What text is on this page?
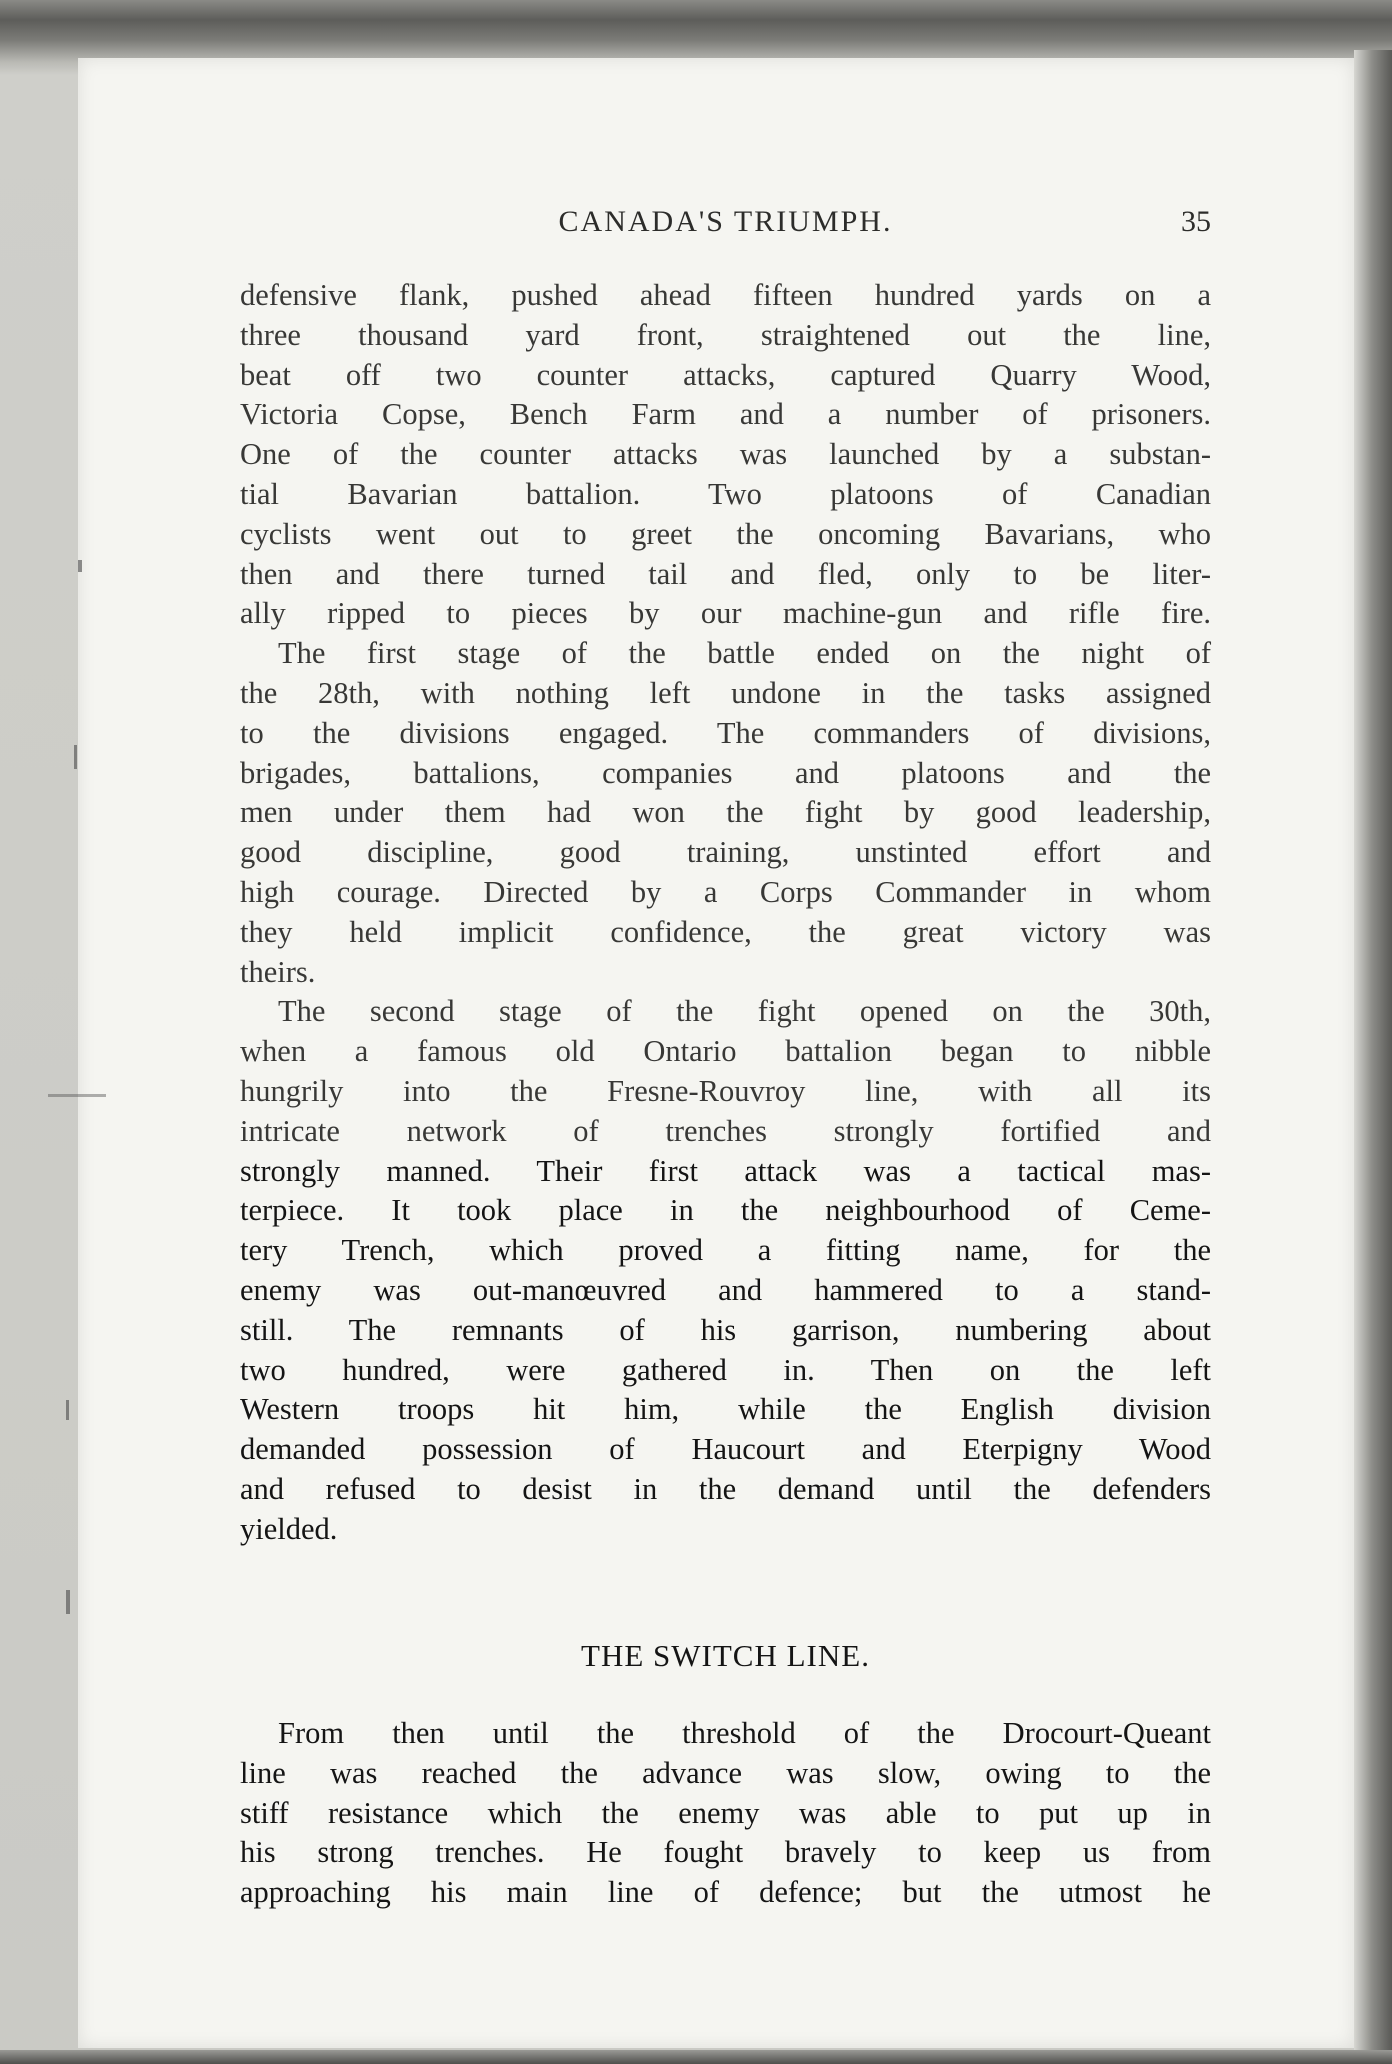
CANADA'S TRIUMPH.	35
defensive flank, pushed ahead fifteen hundred yards on a
three thousand yard front, straightened out the line,
beat off two counter attacks, captured Quarry Wood,
Victoria Copse, Bench Farm and a number of prisoners.
One of the counter attacks was launched by a substan-
tial Bavarian battalion. Two platoons of Canadian
cyclists went out to greet the oncoming Bavarians, who
then and there turned tail and fled, only to be liter-
ally ripped to pieces by our machine-gun and rifle fire.
The first stage of the battle ended on the night of
the 28th, with nothing left undone in the tasks assigned
to the divisions engaged. The commanders of divisions,
brigades, battalions, companies and platoons and the
men under them had won the fight by good leadership,
good discipline, good training, unstinted effort and
high courage. Directed by a Corps Commander in whom
they held implicit confidence, the great victory was
theirs.
The second stage of the fight opened on the 30th,
when a famous old Ontario battalion began to nibble
hungrily into the Fresne-Rouvroy line, with all its
intricate network of trenches strongly fortified and
strongly manned. Their first attack was a tactical mas-
terpiece. It took place in the neighbourhood of Ceme-
tery Trench, which proved a fitting name, for the
enemy was out-manœuvred and hammered to a stand-
still. The remnants of his garrison, numbering about
two hundred, were gathered in. Then on the left
Western troops hit him, while the English division
demanded possession of Haucourt and Eterpigny Wood
and refused to desist in the demand until the defenders
yielded.
THE SWITCH LINE.
From then until the threshold of the Drocourt-Queant
line was reached the advance was slow, owing to the
stiff resistance which the enemy was able to put up in
his strong trenches. He fought bravely to keep us from
approaching his main line of defence; but the utmost he
